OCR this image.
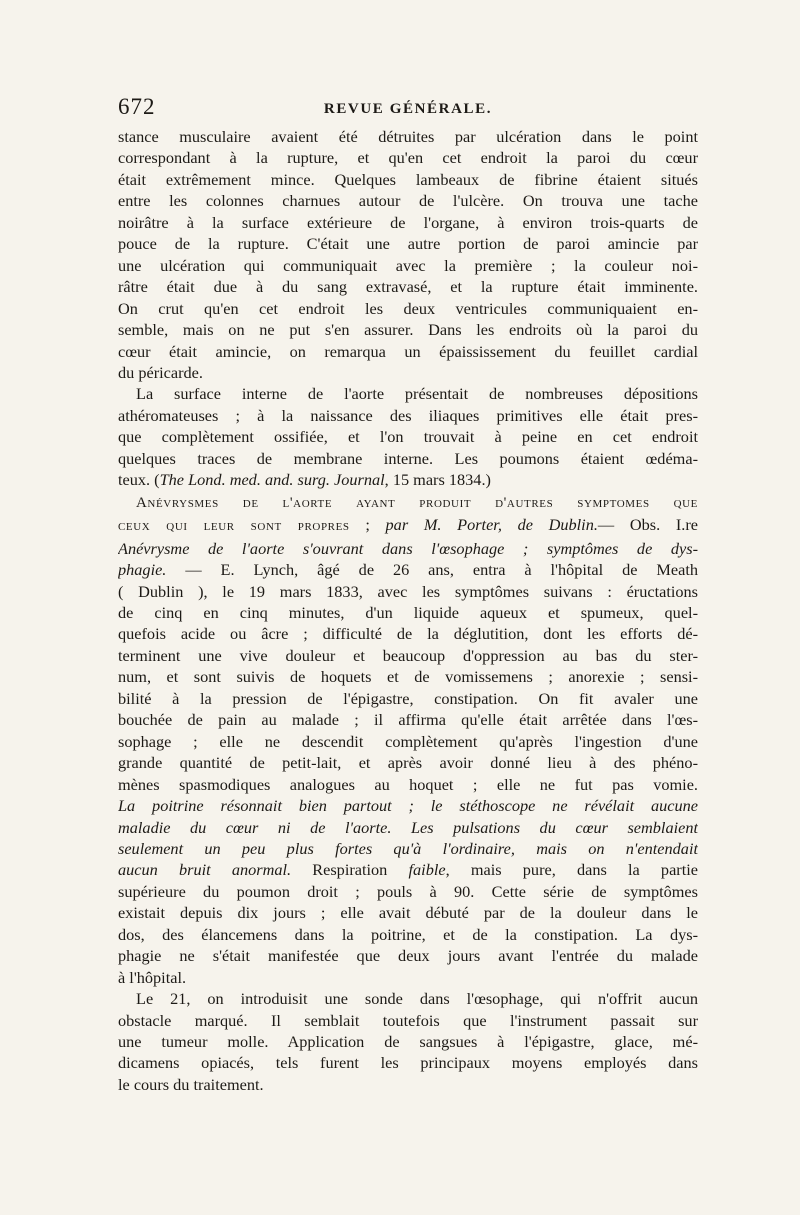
672	REVUE GÉNÉRALE.
stance musculaire avaient été détruites par ulcération dans le point
correspondant à la rupture, et qu'en cet endroit la paroi du cœur
était extrêmement mince. Quelques lambeaux de fibrine étaient situés
entre les colonnes charnues autour de l'ulcère. On trouva une tache
noirâtre à la surface extérieure de l'organe, à environ trois-quarts de
pouce de la rupture. C'était une autre portion de paroi amincie par
une ulcération qui communiquait avec la première ; la couleur noi-
râtre était due à du sang extravasé, et la rupture était imminente.
On crut qu'en cet endroit les deux ventricules communiquaient en-
semble, mais on ne put s'en assurer. Dans les endroits où la paroi du
cœur était amincie, on remarqua un épaississement du feuillet cardial
du péricarde.
La surface interne de l'aorte présentait de nombreuses dépositions
athéromateuses ; à la naissance des iliaques primitives elle était pres-
que complètement ossifiée, et l'on trouvait à peine en cet endroit
quelques traces de membrane interne. Les poumons étaient œdéma-
teux. (The Lond. med. and. surg. Journal, 15 mars 1834.)
Anévrysmes de l'aorte ayant produit d'autres symptomes que
ceux qui leur sont propres ; par M. Porter, de Dublin.— Obs. I.re
Anévrysme de l'aorte s'ouvrant dans l'œsophage ; symptômes de dys-
phagie. — E. Lynch, âgé de 26 ans, entra à l'hôpital de Meath
( Dublin ), le 19 mars 1833, avec les symptômes suivans : éructations
de cinq en cinq minutes, d'un liquide aqueux et spumeux, quel-
quefois acide ou âcre ; difficulté de la déglutition, dont les efforts dé-
terminent une vive douleur et beaucoup d'oppression au bas du ster-
num, et sont suivis de hoquets et de vomissemens ; anorexie ; sensi-
bilité à la pression de l'épigastre, constipation. On fit avaler une
bouchée de pain au malade ; il affirma qu'elle était arrêtée dans l'œs-
sophage ; elle ne descendit complètement qu'après l'ingestion d'une
grande quantité de petit-lait, et après avoir donné lieu à des phéno-
mènes spasmodiques analogues au hoquet ; elle ne fut pas vomie.
La poitrine résonnait bien partout ; le stéthoscope ne révélait aucune
maladie du cœur ni de l'aorte. Les pulsations du cœur semblaient
seulement un peu plus fortes qu'à l'ordinaire, mais on n'entendait
aucun bruit anormal. Respiration faible, mais pure, dans la partie
supérieure du poumon droit ; pouls à 90. Cette série de symptômes
existait depuis dix jours ; elle avait débuté par de la douleur dans le
dos, des élancemens dans la poitrine, et de la constipation. La dys-
phagie ne s'était manifestée que deux jours avant l'entrée du malade
à l'hôpital.
Le 21, on introduisit une sonde dans l'œsophage, qui n'offrit aucun
obstacle marqué. Il semblait toutefois que l'instrument passait sur
une tumeur molle. Application de sangsues à l'épigastre, glace, mé-
dicamens opiacés, tels furent les principaux moyens employés dans
le cours du traitement.
